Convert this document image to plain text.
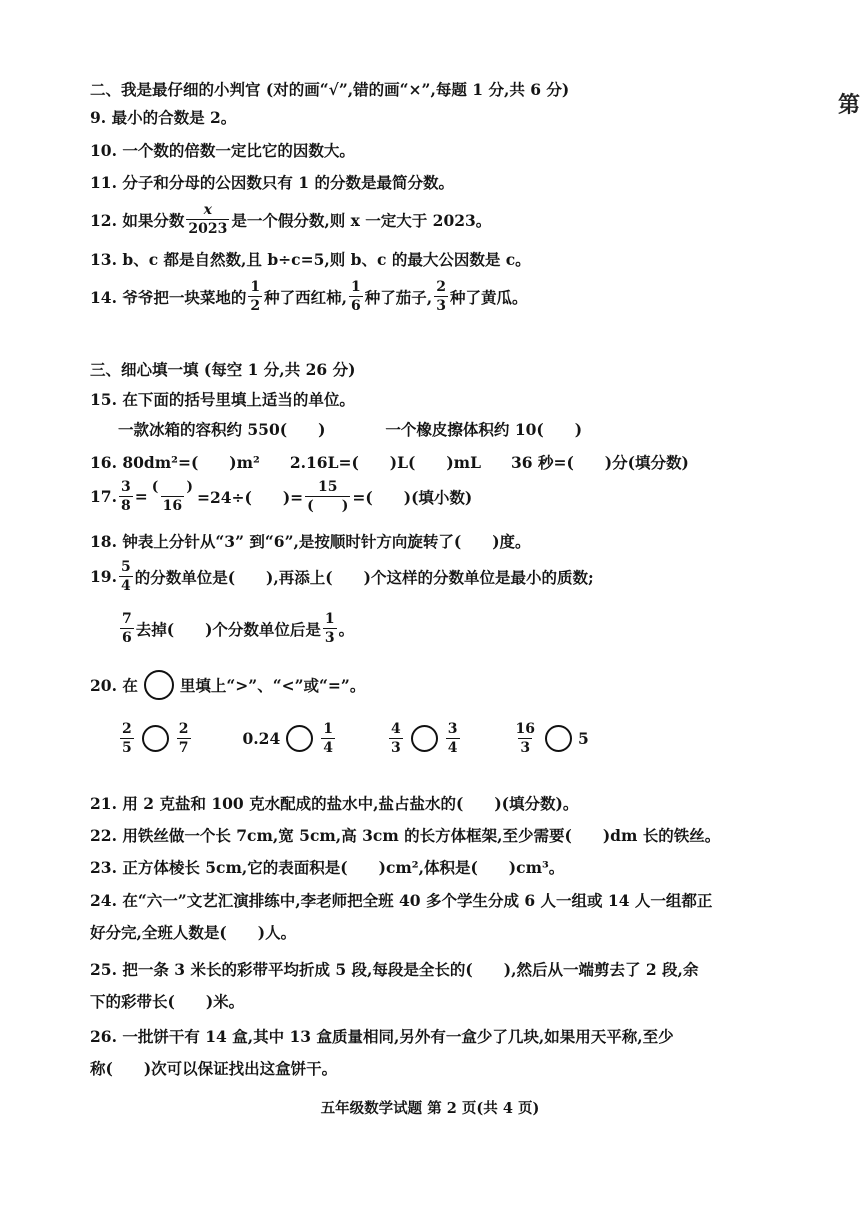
第
二、我是最仔细的小判官 (对的画“√”,错的画“×”,每题 1 分,共 6 分)
9. 最小的合数是 2。
10. 一个数的倍数一定比它的因数大。
11. 分子和分母的公因数只有 1 的分数是最简分数。
12. 如果分数 $\frac{x}{2023}$ 是一个假分数,则 x 一定大于 2023。
13. b、c 都是自然数,且 b÷c=5,则 b、c 的最大公因数是 c。
14. 爷爷把一块菜地的 $\frac{1}{2}$ 种了西红柿, $\frac{1}{6}$ 种了茄子, $\frac{2}{3}$ 种了黄瓜。
三、细心填一填 (每空 1 分,共 26 分)
15. 在下面的括号里填上适当的单位。
一款冰箱的容积约 550(　　)	一个橡皮擦体积约 10(　　)
16. 80dm²=(　　)m² 2.16L=(　　)L(　　)mL 36 秒=(　　)分(填分数)
17. $\frac{3}{8} = \frac{( )}{16} =24\div$(　　)= $\frac{15}{( )}$ =(　　)(填小数)
18. 钟表上分针从“3” 到“6”,是按顺时针方向旋转了(　　)度。
19. $\frac{5}{4}$ 的分数单位是(　　),再添上(　　)个这样的分数单位是最小的质数;
$\frac{7}{6}$ 去掉(　　)个分数单位后是 $\frac{1}{3}$ 。
20. 在	里填上“>”、“<”或“=”。
$\frac{2}{5}$	$\frac{2}{7}$	0.24	$\frac{1}{4}$	$\frac{4}{3}$	$\frac{3}{4}$	$\frac{16}{3}$	5
21. 用 2 克盐和 100 克水配成的盐水中,盐占盐水的(　　)(填分数)。
22. 用铁丝做一个长 7cm,宽 5cm,高 3cm 的长方体框架,至少需要(　　)dm 长的铁丝。
23. 正方体棱长 5cm,它的表面积是(　　)cm²,体积是(　　)cm³。
24. 在“六一”文艺汇演排练中,李老师把全班 40 多个学生分成 6 人一组或 14 人一组都正
好分完,全班人数是(　　)人。
25. 把一条 3 米长的彩带平均折成 5 段,每段是全长的(　　),然后从一端剪去了 2 段,余
下的彩带长(　　)米。
26. 一批饼干有 14 盒,其中 13 盒质量相同,另外有一盒少了几块,如果用天平称,至少
称(　　)次可以保证找出这盒饼干。
五年级数学试题 第 2 页(共 4 页)
